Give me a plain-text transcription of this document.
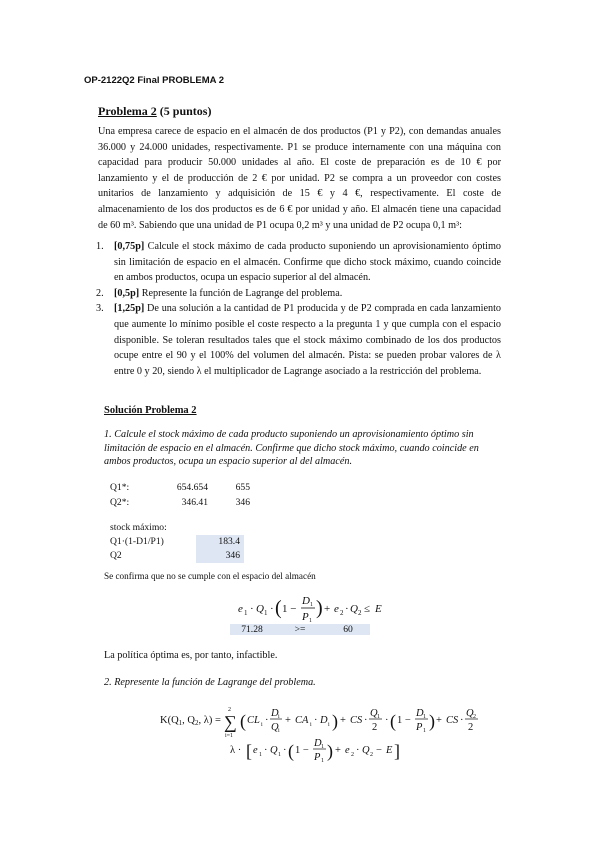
OP-2122Q2 Final PROBLEMA 2
Problema 2 (5 puntos)
Una empresa carece de espacio en el almacén de dos productos (P1 y P2), con demandas anuales 36.000 y 24.000 unidades, respectivamente. P1 se produce internamente con una máquina con capacidad para producir 50.000 unidades al año. El coste de preparación es de 10 € por lanzamiento y el de producción de 2 € por unidad. P2 se compra a un proveedor con costes unitarios de lanzamiento y adquisición de 15 € y 4 €, respectivamente. El coste de almacenamiento de los dos productos es de 6 € por unidad y año. El almacén tiene una capacidad de 60 m³. Sabiendo que una unidad de P1 ocupa 0,2 m³ y una unidad de P2 ocupa 0,1 m³:
1. [0,75p] Calcule el stock máximo de cada producto suponiendo un aprovisionamiento óptimo sin limitación de espacio en el almacén. Confirme que dicho stock máximo, cuando coincide en ambos productos, ocupa un espacio superior al del almacén.
2. [0,5p] Represente la función de Lagrange del problema.
3. [1,25p] De una solución a la cantidad de P1 producida y de P2 comprada en cada lanzamiento que aumente lo mínimo posible el coste respecto a la pregunta 1 y que cumpla con el espacio disponible. Se toleran resultados tales que el stock máximo combinado de los dos productos ocupe entre el 90 y el 100% del volumen del almacén. Pista: se pueden probar valores de λ entre 0 y 20, siendo λ el multiplicador de Lagrange asociado a la restricción del problema.
Solución Problema 2
1. Calcule el stock máximo de cada producto suponiendo un aprovisionamiento óptimo sin limitación de espacio en el almacén. Confirme que dicho stock máximo, cuando coincide en ambos productos, ocupa un espacio superior al del almacén.
Q1*:	654.654	655
Q2*:	346.41	346
stock máximo:
Q1·(1-D1/P1)	183.4
Q2	346
Se confirma que no se cumple con el espacio del almacén
e 1 · Q 1 · ( 1 −
D 1
P 1
) + e 2 · Q 2 ≤ E
71.28	>=	60
La política óptima es, por tanto, infactible.
2. Represente la función de Lagrange del problema.
K(Q1, Q2, λ) =
2
∑
i=1
( CL i ·
D i
Q i
+ CA i · D i ) + CS ·
Q 1
2
· ( 1 −
D 1
P 1 ) + CS ·
Q 2
2
λ · [ e 1 · Q 1 · ( 1 −
D 1
P 1 ) + e 2 · Q 2 − E ]
